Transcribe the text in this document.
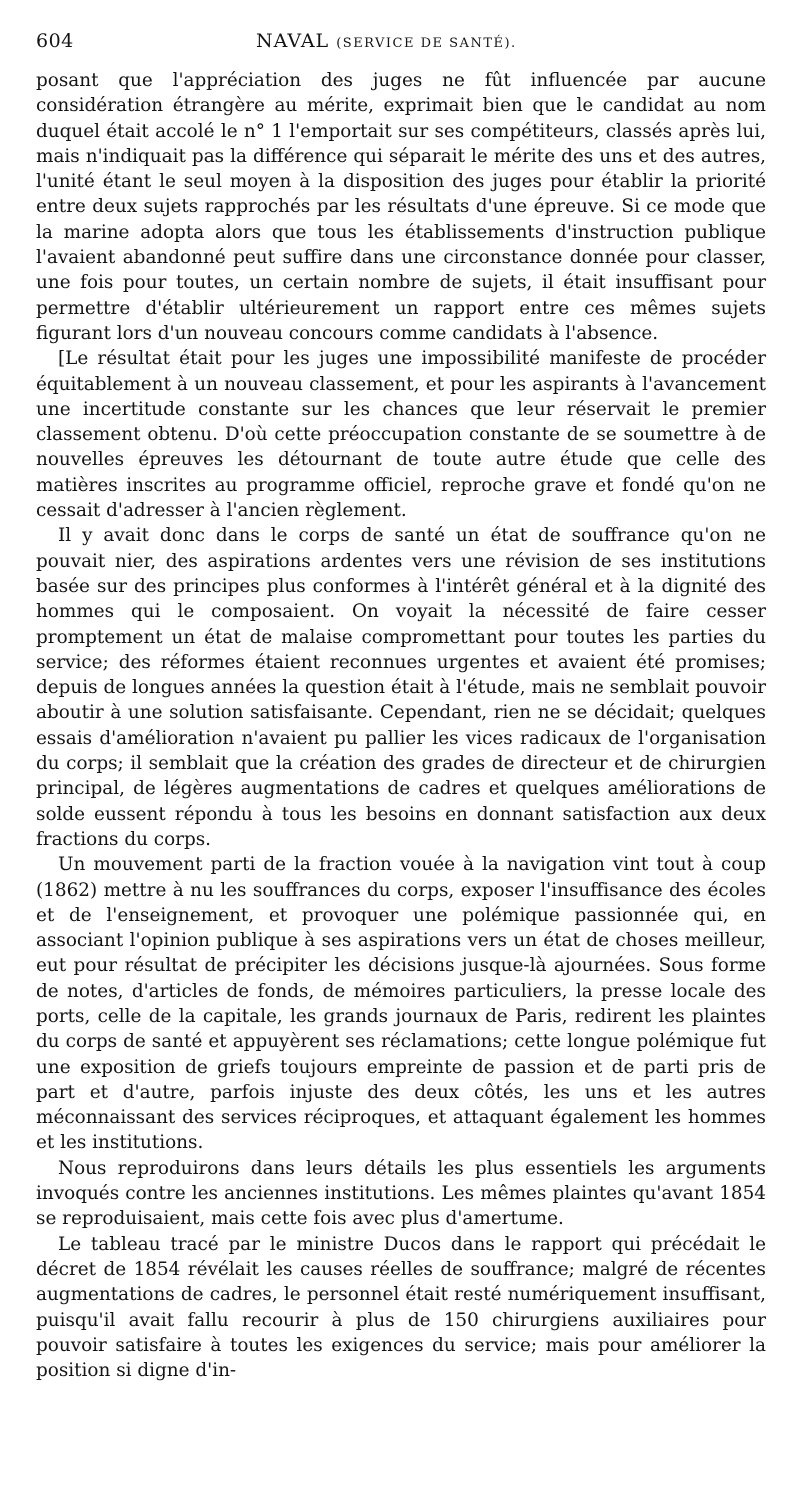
604	NAVAL (SERVICE DE SANTÉ).

posant que l'appréciation des juges ne fût influencée par aucune considération étrangère au mérite, exprimait bien que le candidat au nom duquel était accolé le n° 1 l'emportait sur ses compétiteurs, classés après lui, mais n'indiquait pas la différence qui séparait le mérite des uns et des autres, l'unité étant le seul moyen à la disposition des juges pour établir la priorité entre deux sujets rapprochés par les résultats d'une épreuve. Si ce mode que la marine adopta alors que tous les établissements d'instruction publique l'avaient abandonné peut suffire dans une circonstance donnée pour classer, une fois pour toutes, un certain nombre de sujets, il était insuffisant pour permettre d'établir ultérieurement un rapport entre ces mêmes sujets figurant lors d'un nouveau concours comme candidats à l'absence.

[Le résultat était pour les juges une impossibilité manifeste de procéder équitablement à un nouveau classement, et pour les aspirants à l'avancement une incertitude constante sur les chances que leur réservait le premier classement obtenu. D'où cette préoccupation constante de se soumettre à de nouvelles épreuves les détournant de toute autre étude que celle des matières inscrites au programme officiel, reproche grave et fondé qu'on ne cessait d'adresser à l'ancien règlement.

Il y avait donc dans le corps de santé un état de souffrance qu'on ne pouvait nier, des aspirations ardentes vers une révision de ses institutions basée sur des principes plus conformes à l'intérêt général et à la dignité des hommes qui le composaient. On voyait la nécessité de faire cesser promptement un état de malaise compromettant pour toutes les parties du service; des réformes étaient reconnues urgentes et avaient été promises; depuis de longues années la question était à l'étude, mais ne semblait pouvoir aboutir à une solution satisfaisante. Cependant, rien ne se décidait; quelques essais d'amélioration n'avaient pu pallier les vices radicaux de l'organisation du corps; il semblait que la création des grades de directeur et de chirurgien principal, de légères augmentations de cadres et quelques améliorations de solde eussent répondu à tous les besoins en donnant satisfaction aux deux fractions du corps.

Un mouvement parti de la fraction vouée à la navigation vint tout à coup (1862) mettre à nu les souffrances du corps, exposer l'insuffisance des écoles et de l'enseignement, et provoquer une polémique passionnée qui, en associant l'opinion publique à ses aspirations vers un état de choses meilleur, eut pour résultat de précipiter les décisions jusque-là ajournées. Sous forme de notes, d'articles de fonds, de mémoires particuliers, la presse locale des ports, celle de la capitale, les grands journaux de Paris, redirent les plaintes du corps de santé et appuyèrent ses réclamations; cette longue polémique fut une exposition de griefs toujours empreinte de passion et de parti pris de part et d'autre, parfois injuste des deux côtés, les uns et les autres méconnaissant des services réciproques, et attaquant également les hommes et les institutions.

Nous reproduirons dans leurs détails les plus essentiels les arguments invoqués contre les anciennes institutions. Les mêmes plaintes qu'avant 1854 se reproduisaient, mais cette fois avec plus d'amertume.

Le tableau tracé par le ministre Ducos dans le rapport qui précédait le décret de 1854 révélait les causes réelles de souffrance; malgré de récentes augmentations de cadres, le personnel était resté numériquement insuffisant, puisqu'il avait fallu recourir à plus de 150 chirurgiens auxiliaires pour pouvoir satisfaire à toutes les exigences du service; mais pour améliorer la position si digne d'in-
